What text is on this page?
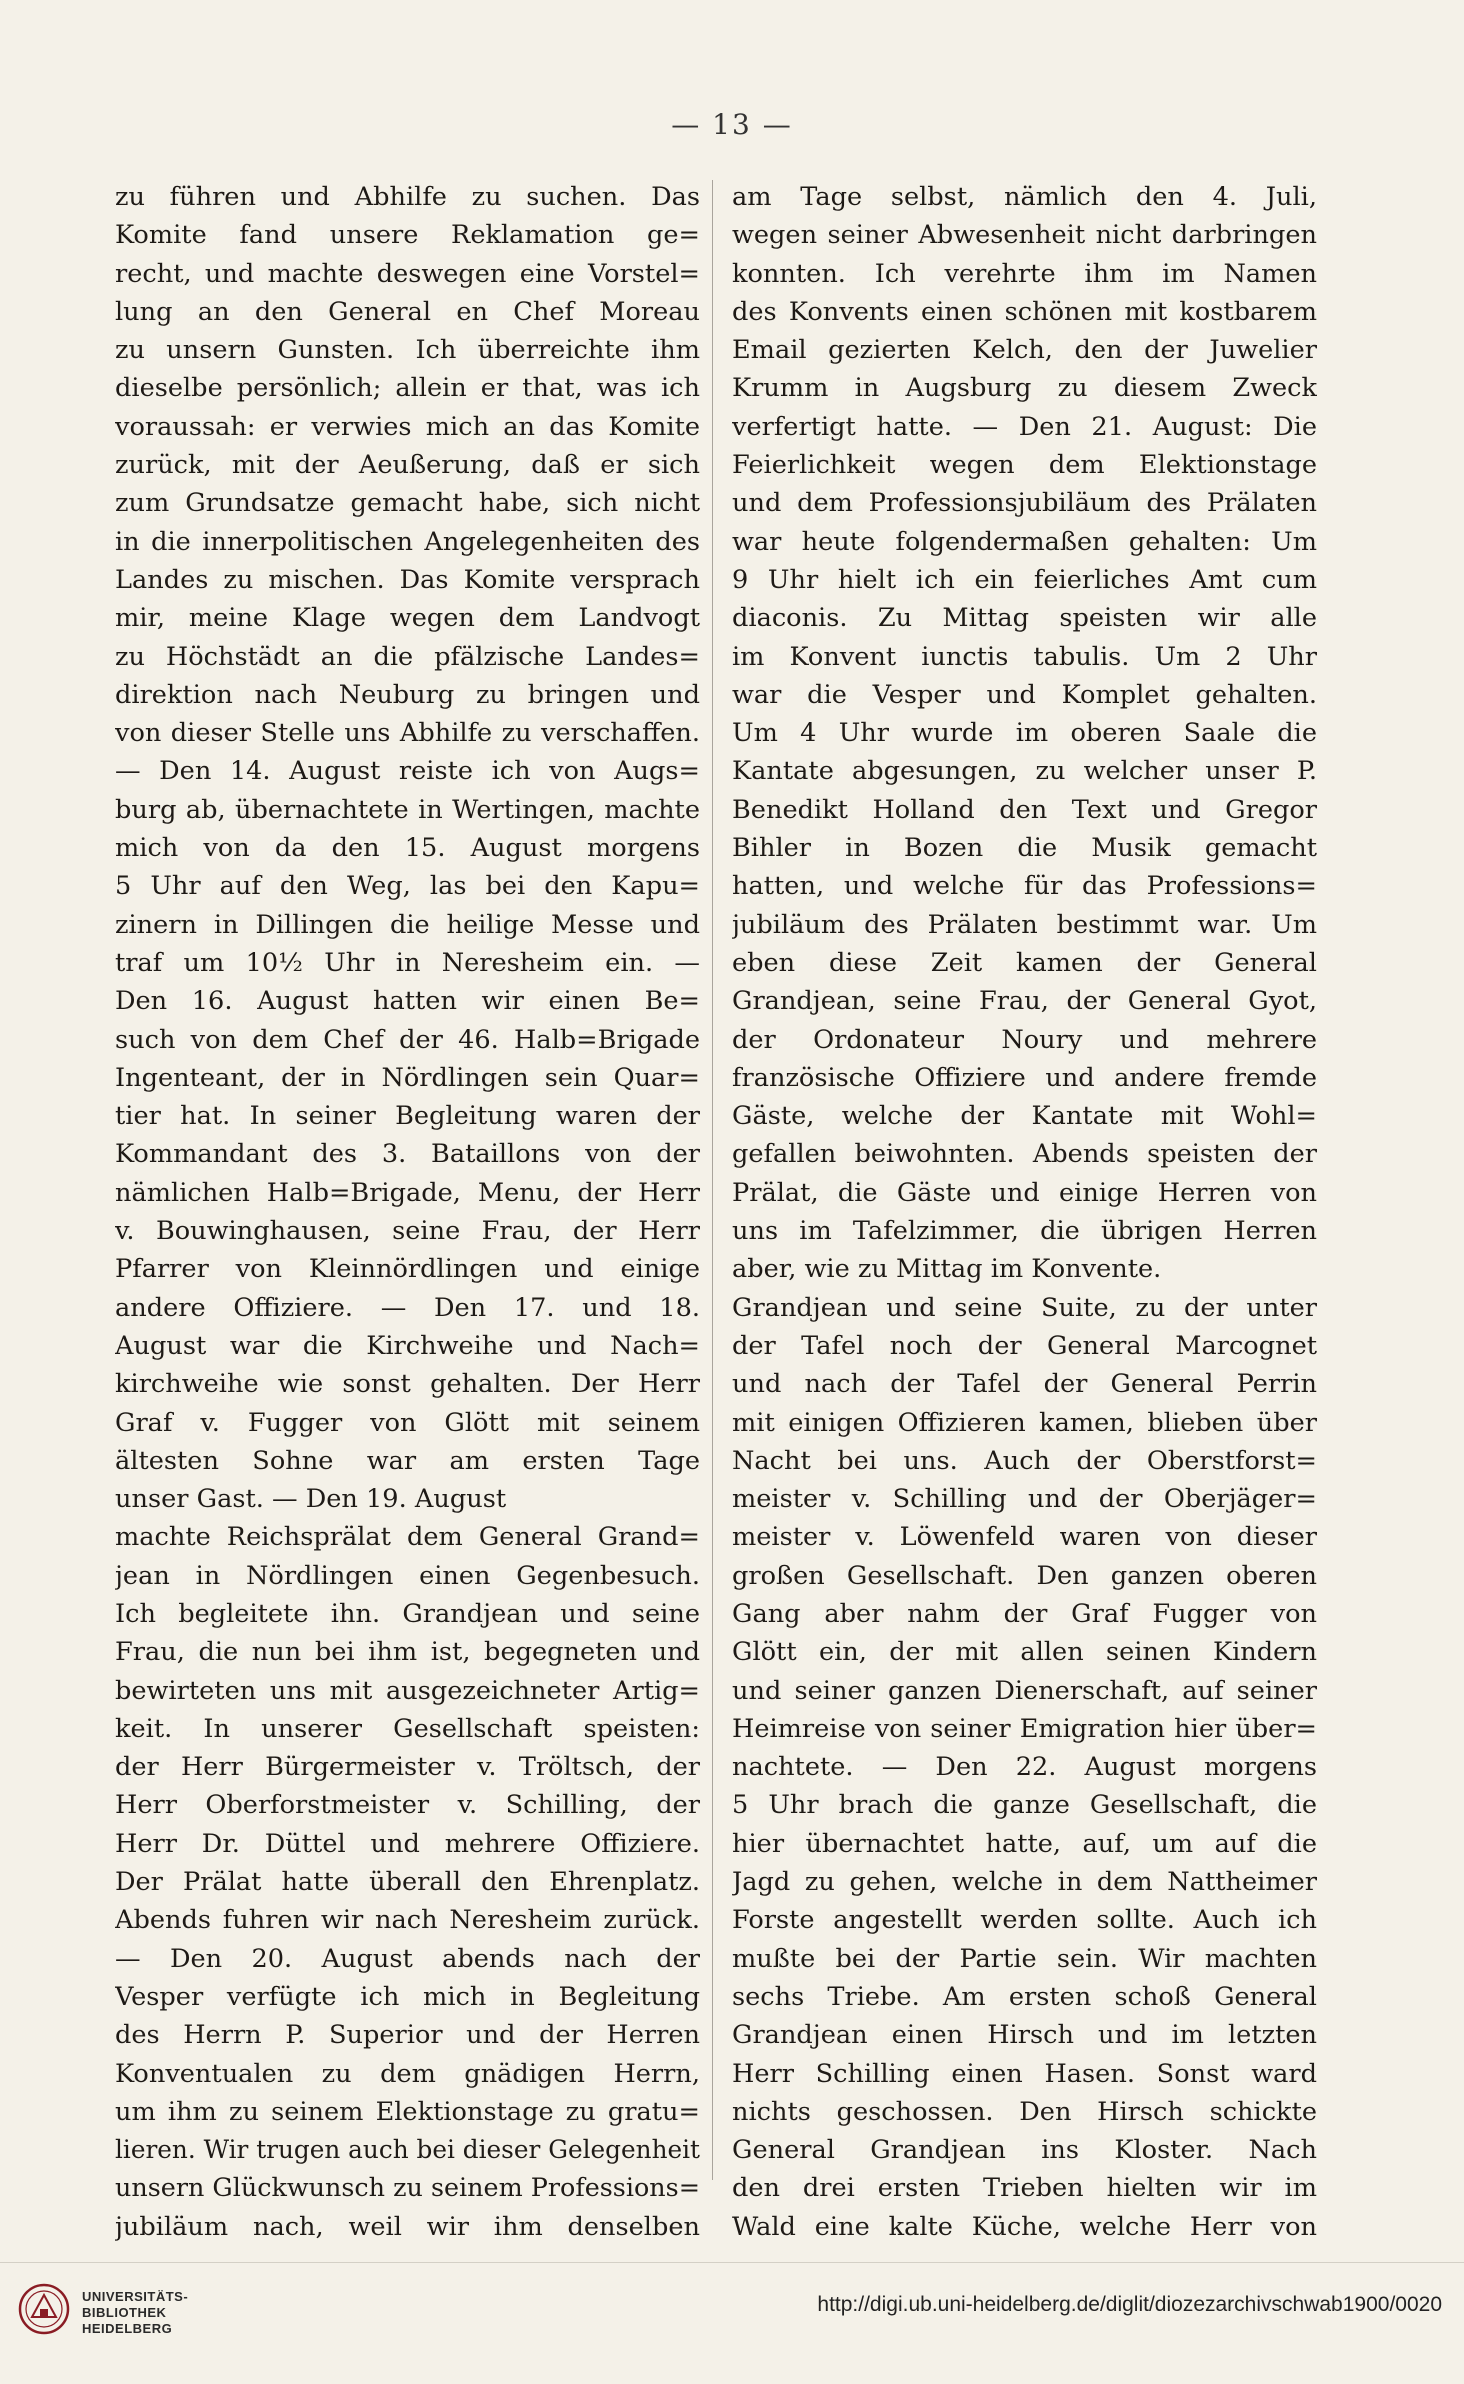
— 13 —
zu führen und Abhilfe zu suchen. Das
Komite fand unsere Reklamation ge=
recht, und machte deswegen eine Vorstel=
lung an den General en Chef Moreau
zu unsern Gunsten. Ich überreichte ihm
dieselbe persönlich; allein er that, was ich
voraussah: er verwies mich an das Komite
zurück, mit der Aeußerung, daß er sich
zum Grundsatze gemacht habe, sich nicht
in die innerpolitischen Angelegenheiten des
Landes zu mischen. Das Komite versprach
mir, meine Klage wegen dem Landvogt
zu Höchstädt an die pfälzische Landes=
direktion nach Neuburg zu bringen und
von dieser Stelle uns Abhilfe zu verschaffen.
— Den 14. August reiste ich von Augs=
burg ab, übernachtete in Wertingen, machte
mich von da den 15. August morgens
5 Uhr auf den Weg, las bei den Kapu=
zinern in Dillingen die heilige Messe und
traf um 10½ Uhr in Neresheim ein. —
Den 16. August hatten wir einen Be=
such von dem Chef der 46. Halb=Brigade
Ingenteant, der in Nördlingen sein Quar=
tier hat. In seiner Begleitung waren der
Kommandant des 3. Bataillons von der
nämlichen Halb=Brigade, Menu, der Herr
v. Bouwinghausen, seine Frau, der Herr
Pfarrer von Kleinnördlingen und einige
andere Offiziere. — Den 17. und 18.
August war die Kirchweihe und Nach=
kirchweihe wie sonst gehalten. Der Herr
Graf v. Fugger von Glött mit seinem
ältesten Sohne war am ersten Tage
unser Gast. — Den 19. August
machte Reichsprälat dem General Grand=
jean in Nördlingen einen Gegenbesuch.
Ich begleitete ihn. Grandjean und seine
Frau, die nun bei ihm ist, begegneten und
bewirteten uns mit ausgezeichneter Artig=
keit. In unserer Gesellschaft speisten:
der Herr Bürgermeister v. Tröltsch, der
Herr Oberforstmeister v. Schilling, der
Herr Dr. Düttel und mehrere Offiziere.
Der Prälat hatte überall den Ehrenplatz.
Abends fuhren wir nach Neresheim zurück.
— Den 20. August abends nach der
Vesper verfügte ich mich in Begleitung
des Herrn P. Superior und der Herren
Konventualen zu dem gnädigen Herrn,
um ihm zu seinem Elektionstage zu gratu=
lieren. Wir trugen auch bei dieser Gelegenheit
unsern Glückwunsch zu seinem Professions=
jubiläum nach, weil wir ihm denselben
am Tage selbst, nämlich den 4. Juli,
wegen seiner Abwesenheit nicht darbringen
konnten. Ich verehrte ihm im Namen
des Konvents einen schönen mit kostbarem
Email gezierten Kelch, den der Juwelier
Krumm in Augsburg zu diesem Zweck
verfertigt hatte. — Den 21. August: Die
Feierlichkeit wegen dem Elektionstage
und dem Professionsjubiläum des Prälaten
war heute folgendermaßen gehalten: Um
9 Uhr hielt ich ein feierliches Amt cum
diaconis. Zu Mittag speisten wir alle
im Konvent iunctis tabulis. Um 2 Uhr
war die Vesper und Komplet gehalten.
Um 4 Uhr wurde im oberen Saale die
Kantate abgesungen, zu welcher unser P.
Benedikt Holland den Text und Gregor
Bihler in Bozen die Musik gemacht
hatten, und welche für das Professions=
jubiläum des Prälaten bestimmt war. Um
eben diese Zeit kamen der General
Grandjean, seine Frau, der General Gyot,
der Ordonateur Noury und mehrere
französische Offiziere und andere fremde
Gäste, welche der Kantate mit Wohl=
gefallen beiwohnten. Abends speisten der
Prälat, die Gäste und einige Herren von
uns im Tafelzimmer, die übrigen Herren
aber, wie zu Mittag im Konvente.
Grandjean und seine Suite, zu der unter
der Tafel noch der General Marcognet
und nach der Tafel der General Perrin
mit einigen Offizieren kamen, blieben über
Nacht bei uns. Auch der Oberstforst=
meister v. Schilling und der Oberjäger=
meister v. Löwenfeld waren von dieser
großen Gesellschaft. Den ganzen oberen
Gang aber nahm der Graf Fugger von
Glött ein, der mit allen seinen Kindern
und seiner ganzen Dienerschaft, auf seiner
Heimreise von seiner Emigration hier über=
nachtete. — Den 22. August morgens
5 Uhr brach die ganze Gesellschaft, die
hier übernachtet hatte, auf, um auf die
Jagd zu gehen, welche in dem Nattheimer
Forste angestellt werden sollte. Auch ich
mußte bei der Partie sein. Wir machten
sechs Triebe. Am ersten schoß General
Grandjean einen Hirsch und im letzten
Herr Schilling einen Hasen. Sonst ward
nichts geschossen. Den Hirsch schickte
General Grandjean ins Kloster. Nach
den drei ersten Trieben hielten wir im
Wald eine kalte Küche, welche Herr von
UNIVERSITÄTS-
BIBLIOTHEK
HEIDELBERG
http://digi.ub.uni-heidelberg.de/diglit/diozezarchivschwab1900/0020
